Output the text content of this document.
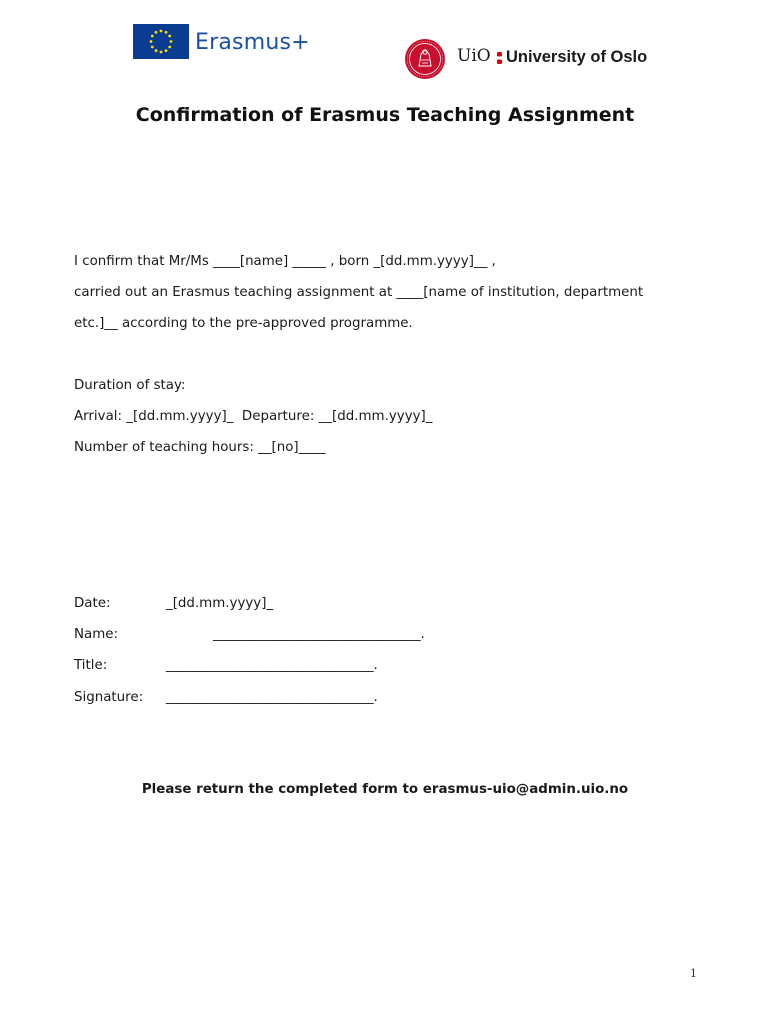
Erasmus+
UiO University of Oslo
Confirmation of Erasmus Teaching Assignment
I confirm that Mr/Ms ____[name] _____ , born _[dd.mm.yyyy]__ ,
carried out an Erasmus teaching assignment at ____[name of institution, department
etc.]__ according to the pre-approved programme.
Duration of stay:
Arrival: _[dd.mm.yyyy]_  Departure: __[dd.mm.yyyy]_
Number of teaching hours: __[no]____
Date:	_[dd.mm.yyyy]_
Name:	_______________________________.
Title:	_______________________________.
Signature: _______________________________.
Please return the completed form to erasmus-uio@admin.uio.no
1
